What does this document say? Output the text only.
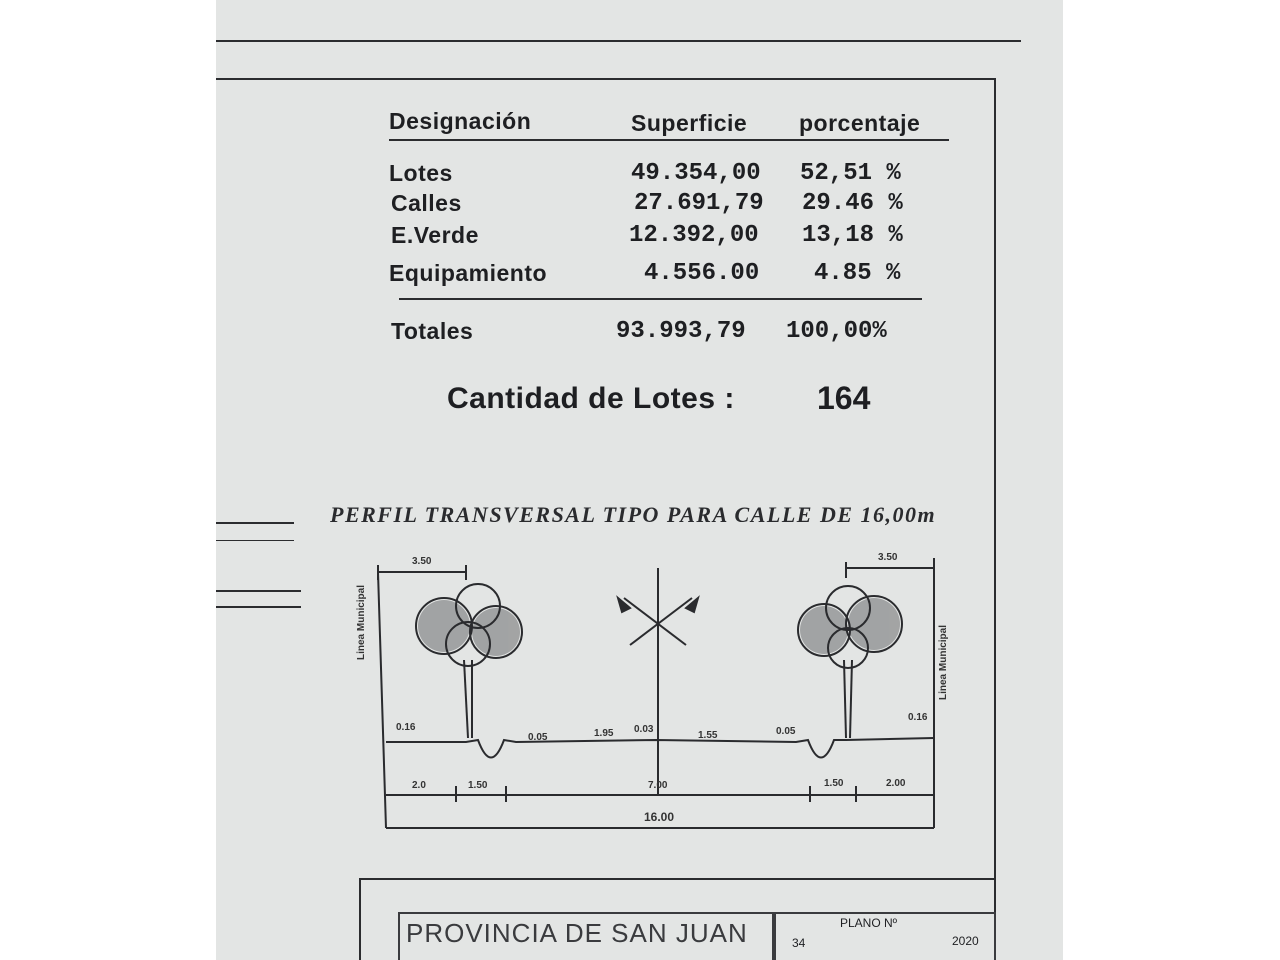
Designación	Superficie porcentaje
Lotes	49.354,00 52,51 %
Calles	27.691,79 29.46 %
E.Verde	12.392,00 13,18 %
Equipamiento	4.556.00 4.85 %
Totales	93.993,79 100,00%
Cantidad de Lotes :	164
PERFIL TRANSVERSAL TIPO PARA CALLE DE 16,00m
3.50	3.50
Linea Municipal
Linea Municipal
0.16
0.05	1.95 0.03
1.55	0.05
0.16
2.0	1.50	7.00	1.50	2.00
16.00
PROVINCIA DE SAN JUAN	PLANO Nº
34	2020
